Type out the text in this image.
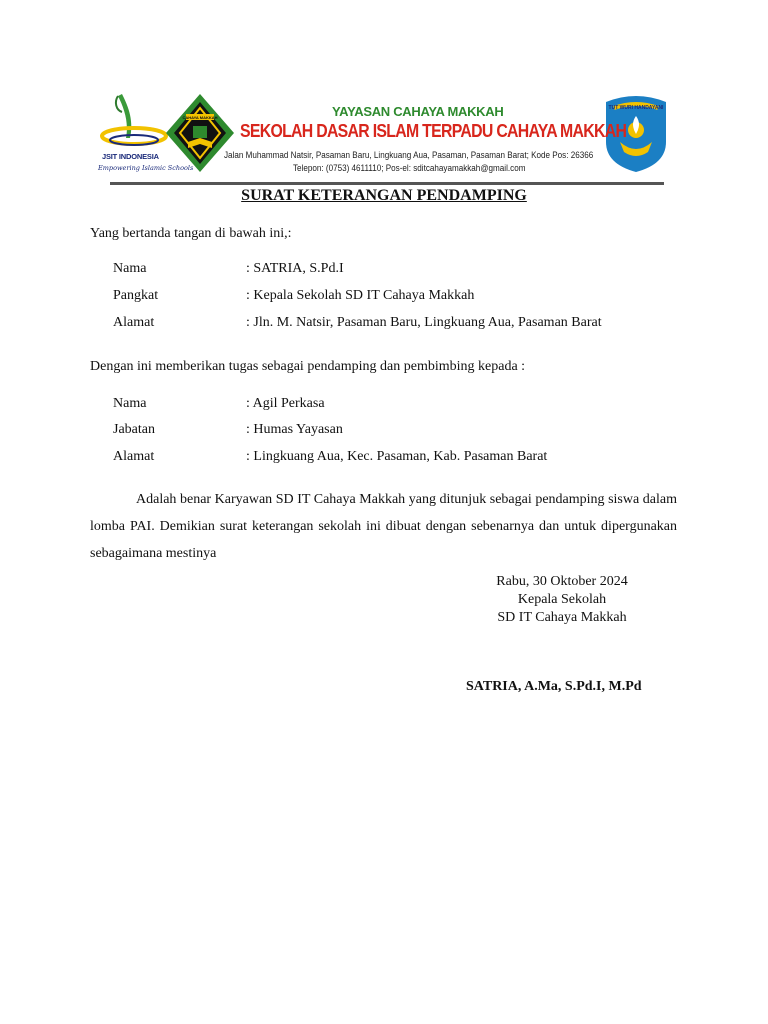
JSIT INDONESIA
Empowering Islamic Schools
CAHAYA MAKKAH
TUT WURI HANDAYANI
YAYASAN CAHAYA MAKKAH
SEKOLAH DASAR ISLAM TERPADU CAHAYA MAKKAH
Jalan Muhammad Natsir, Pasaman Baru, Lingkuang Aua, Pasaman, Pasaman Barat; Kode Pos: 26366
Telepon: (0753) 4611110; Pos-el: sditcahayamakkah@gmail.com
SURAT KETERANGAN PENDAMPING
Yang bertanda tangan di bawah ini,:
Nama	: SATRIA, S.Pd.I
Pangkat	: Kepala Sekolah SD IT Cahaya Makkah
Alamat	: Jln. M. Natsir, Pasaman Baru, Lingkuang Aua, Pasaman Barat
Dengan ini memberikan tugas sebagai pendamping dan pembimbing kepada :
Nama	: Agil Perkasa
Jabatan	: Humas Yayasan
Alamat	: Lingkuang Aua, Kec. Pasaman, Kab. Pasaman Barat
Adalah benar Karyawan SD IT Cahaya Makkah yang ditunjuk sebagai pendamping siswa dalam lomba PAI. Demikian surat keterangan sekolah ini dibuat dengan sebenarnya dan untuk dipergunakan sebagaimana mestinya
Rabu, 30 Oktober 2024
Kepala Sekolah
SD IT Cahaya Makkah
SATRIA, A.Ma, S.Pd.I, M.Pd
